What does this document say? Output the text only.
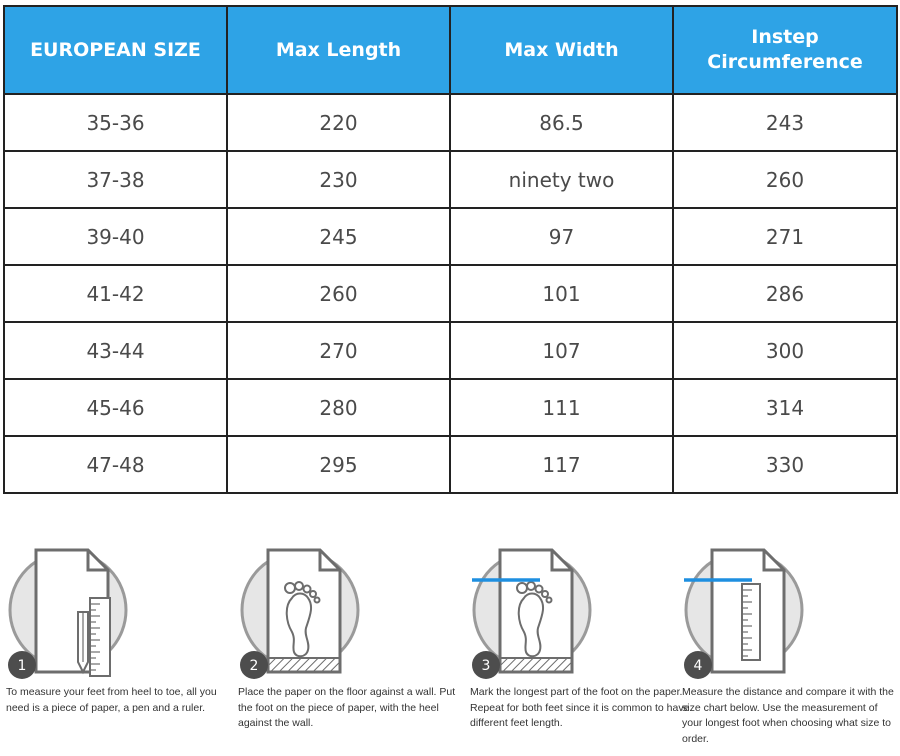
EUROPEAN SIZE	Max Length	Max Width	Instep Circumference
35-36	220	86.5	243
37-38	230	ninety two	260
39-40	245	97	271
41-42	260	101	286
43-44	270	107	300
45-46	280	111	314
47-48	295	117	330
1
To measure your feet from heel to toe, all you need is a piece of paper, a pen and a ruler.
2
Place the paper on the floor against a wall. Put the foot on the piece of paper, with the heel against the wall.
3
Mark the longest part of the foot on the paper. Repeat for both feet since it is common to have different feet length.
4
Measure the distance and compare it with the size chart below. Use the measurement of your longest foot when choosing what size to order.
